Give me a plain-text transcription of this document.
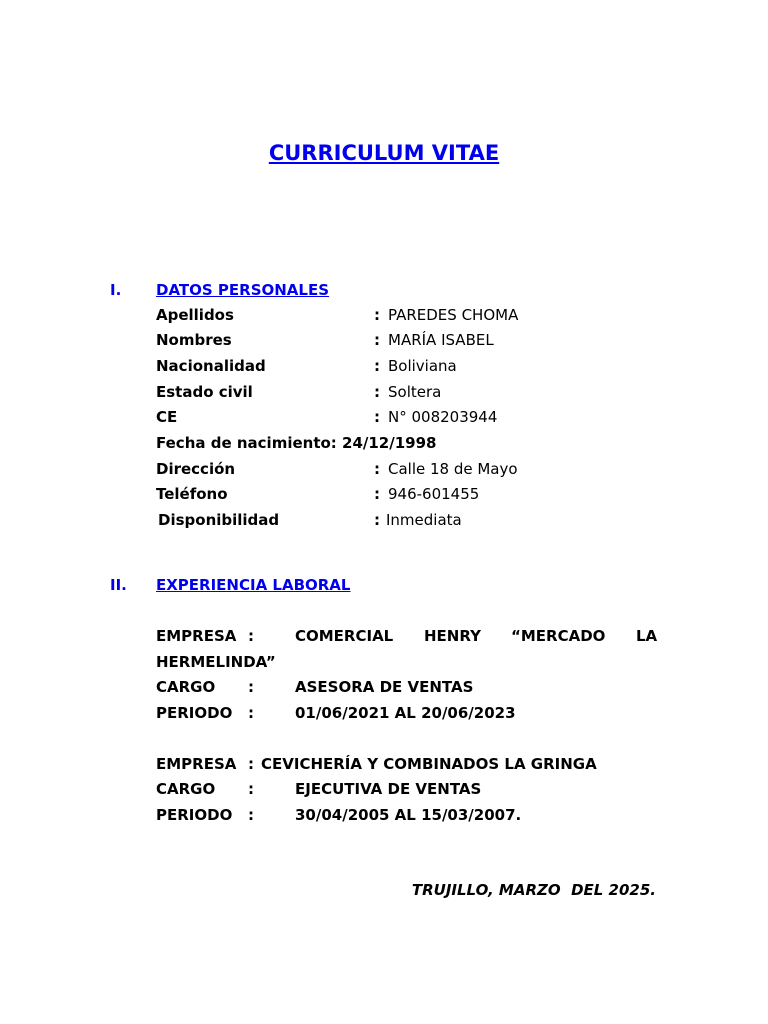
CURRICULUM VITAE
I. DATOS PERSONALES
Apellidos	: PAREDES CHOMA
Nombres	: MARÍA ISABEL
Nacionalidad	: Boliviana
Estado civil	: Soltera
CE	: N° 008203944
Fecha de nacimiento: 24/12/1998
Dirección	: Calle 18 de Mayo
Teléfono	: 946-601455
Disponibilidad	: Inmediata
II. EXPERIENCIA LABORAL
EMPRESA :	COMERCIAL HENRY “MERCADO LA
HERMELINDA”
CARGO :	ASESORA DE VENTAS
PERIODO :	01/06/2021 AL 20/06/2023
EMPRESA : CEVICHERÍA Y COMBINADOS LA GRINGA
CARGO :	EJECUTIVA DE VENTAS
PERIODO :	30/04/2005 AL 15/03/2007.
TRUJILLO, MARZO  DEL 2025.
